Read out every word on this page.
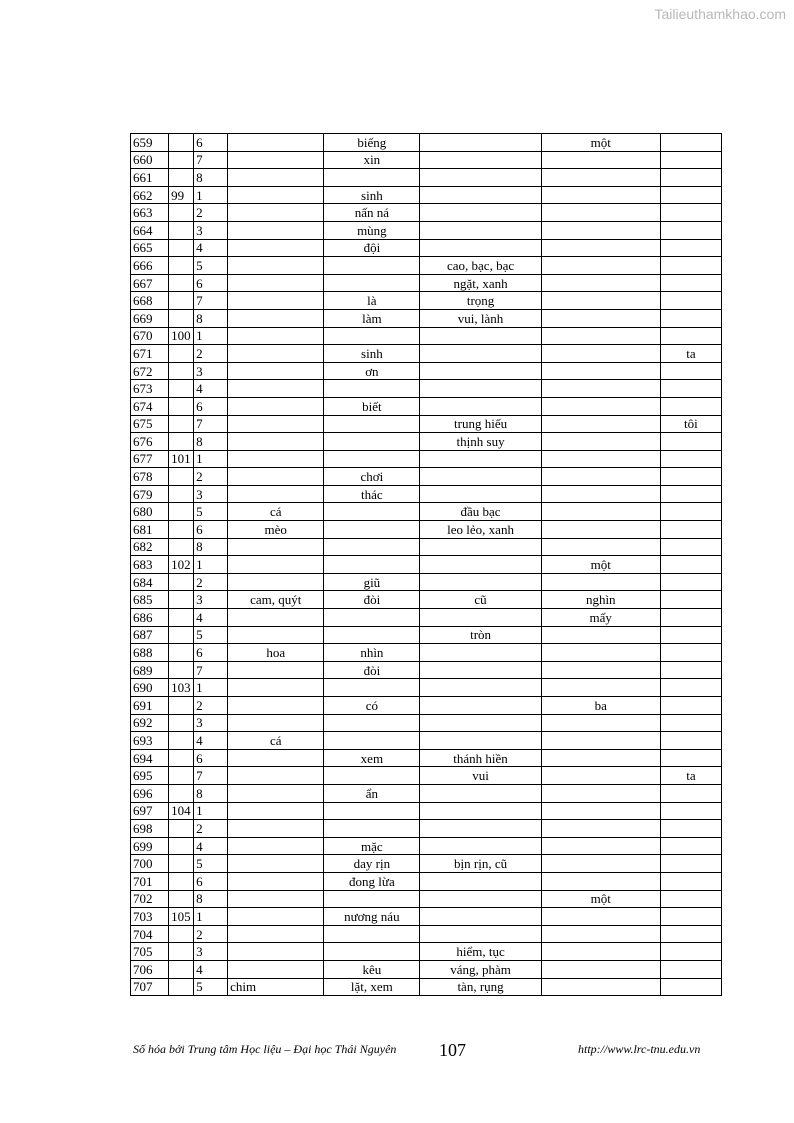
Tailieuthamkhao.com
659		6		biếng		một	
660		7		xin			
661		8					
662	99	1		sinh			
663		2		nấn ná			
664		3		mùng			
665		4		đội			
666		5			cao, bạc, bạc		
667		6			ngặt, xanh		
668		7		là	trọng		
669		8		làm	vui, lành		
670	100	1					
671		2		sinh			ta
672		3		ơn			
673		4					
674		6		biết			
675		7			trung hiếu		tôi
676		8			thịnh suy		
677	101	1					
678		2		chơi			
679		3		thác			
680		5	cá		đầu bạc		
681		6	mèo		leo lẻo, xanh		
682		8					
683	102	1				một	
684		2		giũ			
685		3	cam, quýt	đòi	cũ	nghìn	
686		4				mấy	
687		5			tròn		
688		6	hoa	nhìn			
689		7		đòi			
690	103	1					
691		2		có		ba	
692		3					
693		4	cá				
694		6		xem	thánh hiền		
695		7			vui		ta
696		8		ẩn			
697	104	1					
698		2					
699		4		mặc			
700		5		day rịn	bịn rịn, cũ		
701		6		đong lừa			
702		8				một	
703	105	1		nương náu			
704		2					
705		3			hiểm, tục		
706		4		kêu	váng, phàm		
707		5	chim	lặt, xem	tàn, rụng		
Số hóa bởi Trung tâm Học liệu – Đại học Thái Nguyên 107	http://www.lrc-tnu.edu.vn
